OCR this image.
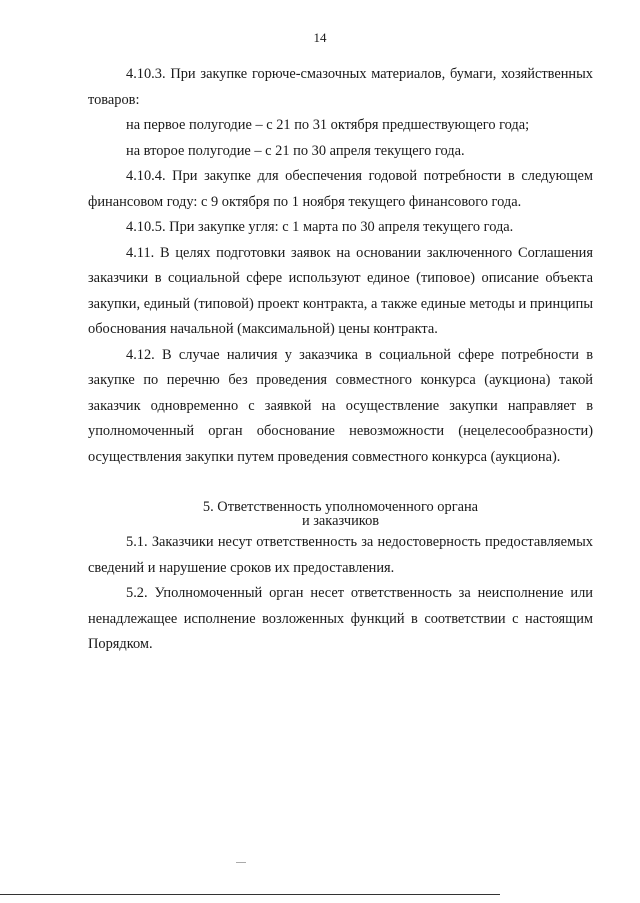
14

4.10.3. При закупке горюче-смазочных материалов, бумаги, хозяйственных товаров:

на первое полугодие – с 21 по 31 октября предшествующего года;

на второе полугодие – с 21 по 30 апреля текущего года.

4.10.4. При закупке для обеспечения годовой потребности в следующем финансовом году: с 9 октября по 1 ноября текущего финансового года.

4.10.5. При закупке угля: с 1 марта по 30 апреля текущего года.

4.11. В целях подготовки заявок на основании заключенного Соглашения заказчики в социальной сфере используют единое (типовое) описание объекта закупки, единый (типовой) проект контракта, а также единые методы и принципы обоснования начальной (максимальной) цены контракта.

4.12. В случае наличия у заказчика в социальной сфере потребности в закупке по перечню без проведения совместного конкурса (аукциона) такой заказчик одновременно с заявкой на осуществление закупки направляет в уполномоченный орган обоснование невозможности (нецелесообразности) осуществления закупки путем проведения совместного конкурса (аукциона).

5. Ответственность уполномоченного органа
и заказчиков

5.1. Заказчики несут ответственность за недостоверность предоставляемых сведений и нарушение сроков их предоставления.

5.2. Уполномоченный орган несет ответственность за неисполнение или ненадлежащее исполнение возложенных функций в соответствии с настоящим Порядком.
